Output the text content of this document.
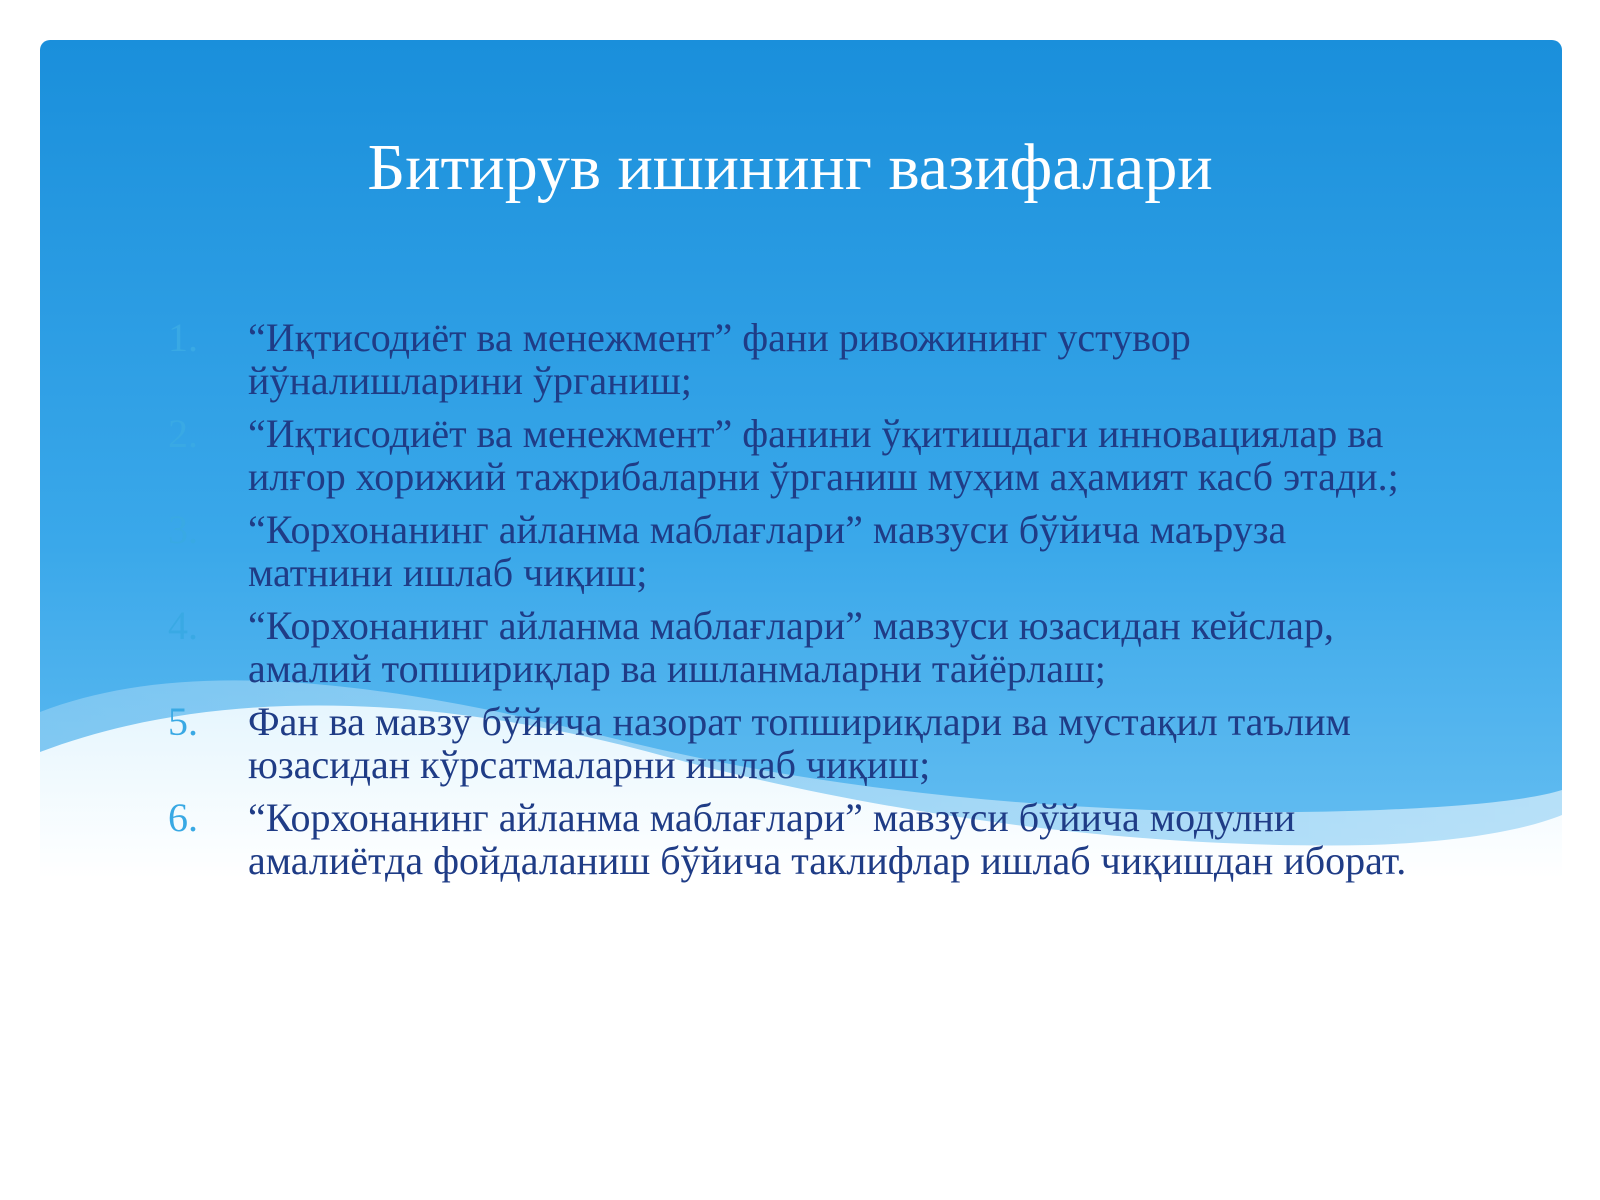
Битирув ишининг вазифалари
1. “Иқтисодиёт ва менежмент” фани ривожининг устувор йўналишларини ўрганиш;
2. “Иқтисодиёт ва менежмент” фанини ўқитишдаги инновациялар ва илғор хорижий тажрибаларни ўрганиш муҳим аҳамият касб этади.;
3. “Корхонанинг айланма маблағлари” мавзуси бўйича маъруза матнини ишлаб чиқиш;
4. “Корхонанинг айланма маблағлари” мавзуси юзасидан кейслар, амалий топшириқлар ва ишланмаларни тайёрлаш;
5. Фан ва мавзу бўйича назорат топшириқлари ва мустақил таълим юзасидан кўрсатмаларни ишлаб чиқиш;
6. “Корхонанинг айланма маблағлари” мавзуси бўйича модулни амалиётда фойдаланиш бўйича таклифлар ишлаб чиқишдан иборат.
